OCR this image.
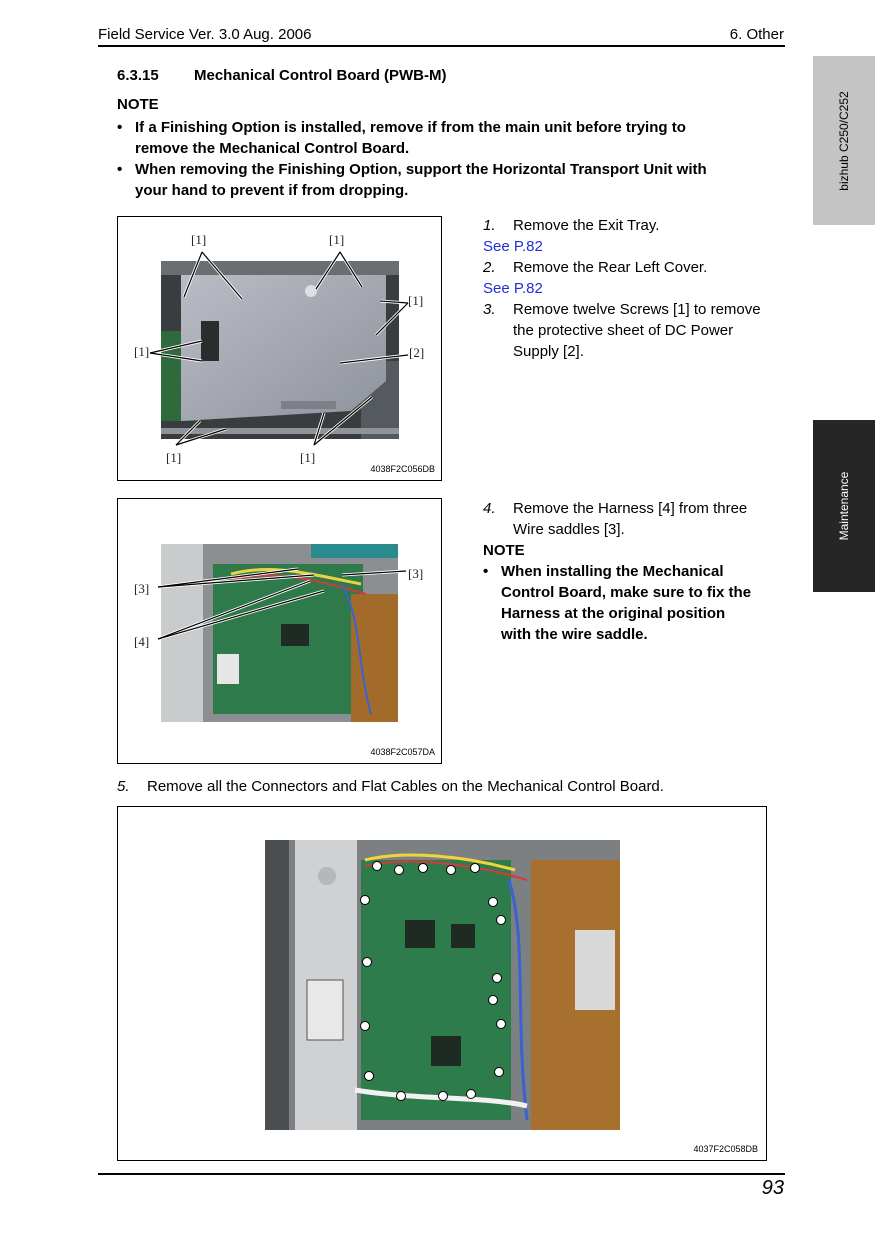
Field Service Ver. 3.0 Aug. 2006	6. Other
6.3.15 Mechanical Control Board (PWB-M)
NOTE
• If a Finishing Option is installed, remove if from the main unit before trying to
remove the Mechanical Control Board.
• When removing the Finishing Option, support the Horizontal Transport Unit with
your hand to prevent if from dropping.
[1]	[1]
[1]
[1]	[2]
[1]	[1]
4038F2C056DB
1. Remove the Exit Tray.
See P.82
2. Remove the Rear Left Cover.
See P.82
3. Remove twelve Screws [1] to remove
the protective sheet of DC Power
Supply [2].
[3]
[3]
[4]
4038F2C057DA
4. Remove the Harness [4] from three
Wire saddles [3].
NOTE
• When installing the Mechanical
Control Board, make sure to fix the
Harness at the original position
with the wire saddle.
5. Remove all the Connectors and Flat Cables on the Mechanical Control Board.
4037F2C058DB
bizhub C250/C252
Maintenance
93
